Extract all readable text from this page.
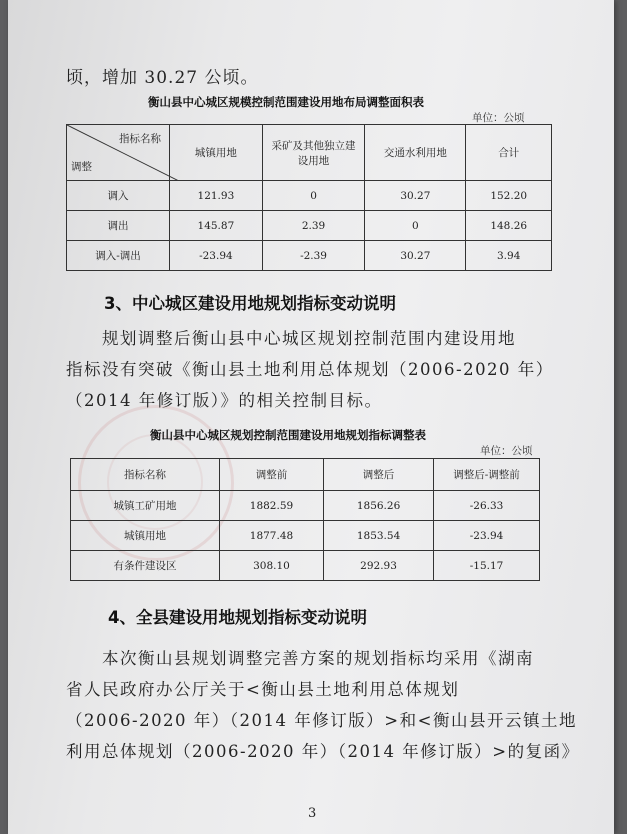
顷，增加 30.27 公顷。
衡山县中心城区规模控制范围建设用地布局调整面积表
单位：公顷
指标名称
调整	城镇用地	采矿及其他独立建设用地	交通水利用地	合计
调入	121.93	0	30.27	152.20
调出	145.87	2.39	0	148.26
调入-调出	-23.94	-2.39	30.27	3.94
3、中心城区建设用地规划指标变动说明
规划调整后衡山县中心城区规划控制范围内建设用地
指标没有突破《衡山县土地利用总体规划（2006-2020 年）
（2014 年修订版）》的相关控制目标。
衡山县中心城区规划控制范围建设用地规划指标调整表
单位：公顷
指标名称	调整前	调整后	调整后-调整前
城镇工矿用地	1882.59	1856.26	-26.33
城镇用地	1877.48	1853.54	-23.94
有条件建设区	308.10	292.93	-15.17
4、全县建设用地规划指标变动说明
本次衡山县规划调整完善方案的规划指标均采用《湖南
省人民政府办公厅关于<衡山县土地利用总体规划
（2006-2020 年）（2014 年修订版）>和<衡山县开云镇土地
利用总体规划（2006-2020 年）（2014 年修订版）>的复函》
3
